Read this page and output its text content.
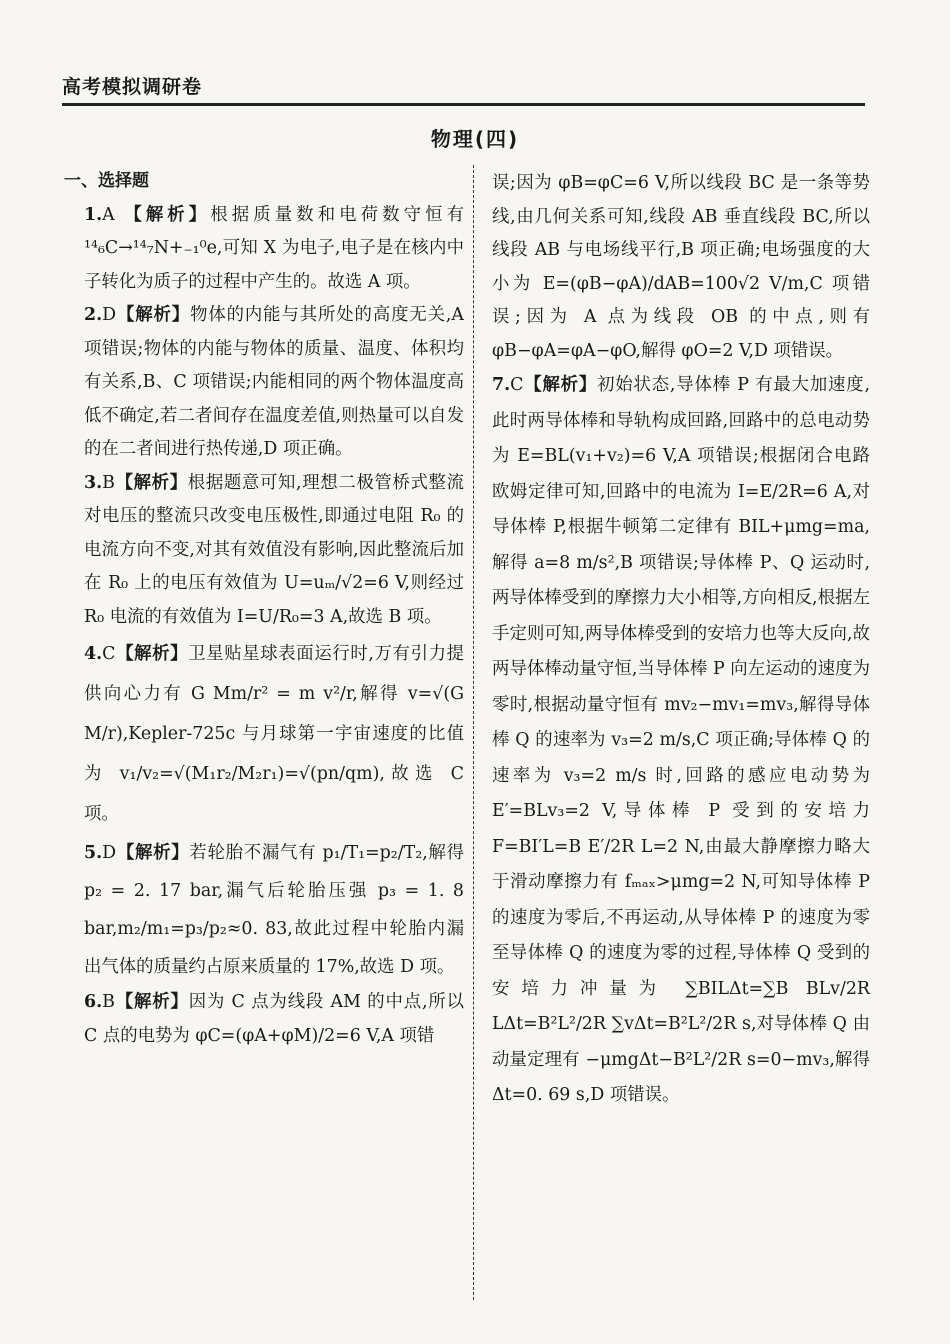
高考模拟调研卷
物理(四)
一、选择题

1.A 【解析】根据质量数和电荷数守恒有 ¹⁴₆C→¹⁴₇N+₋₁⁰e,可知 X 为电子,电子是在核内中子转化为质子的过程中产生的。故选 A 项。

2.D【解析】物体的内能与其所处的高度无关,A 项错误;物体的内能与物体的质量、温度、体积均有关系,B、C 项错误;内能相同的两个物体温度高低不确定,若二者间存在温度差值,则热量可以自发的在二者间进行热传递,D 项正确。

3.B【解析】根据题意可知,理想二极管桥式整流对电压的整流只改变电压极性,即通过电阻 R₀ 的电流方向不变,对其有效值没有影响,因此整流后加在 R₀ 上的电压有效值为 U=uₘ/√2=6 V,则经过 R₀ 电流的有效值为 I=U/R₀=3 A,故选 B 项。

4.C【解析】卫星贴星球表面运行时,万有引力提供向心力有 G Mm/r² = m v²/r,解得 v=√(G M/r),Kepler-725c 与月球第一宇宙速度的比值为 v₁/v₂=√(M₁r₂/M₂r₁)=√(pn/qm),故选 C 项。

5.D【解析】若轮胎不漏气有 p₁/T₁=p₂/T₂,解得 p₂ = 2. 17 bar,漏气后轮胎压强 p₃ = 1. 8 bar,m₂/m₁=p₃/p₂≈0. 83,故此过程中轮胎内漏出气体的质量约占原来质量的 17%,故选 D 项。

6.B【解析】因为 C 点为线段 AM 的中点,所以 C 点的电势为 φC=(φA+φM)/2=6 V,A 项错

误;因为 φB=φC=6 V,所以线段 BC 是一条等势线,由几何关系可知,线段 AB 垂直线段 BC,所以线段 AB 与电场线平行,B 项正确;电场强度的大小为 E=(φB−φA)/dAB=100√2 V/m,C 项错误;因为 A 点为线段 OB 的中点,则有 φB−φA=φA−φO,解得 φO=2 V,D 项错误。

7.C【解析】初始状态,导体棒 P 有最大加速度,此时两导体棒和导轨构成回路,回路中的总电动势为 E=BL(v₁+v₂)=6 V,A 项错误;根据闭合电路欧姆定律可知,回路中的电流为 I=E/2R=6 A,对导体棒 P,根据牛顿第二定律有 BIL+μmg=ma,解得 a=8 m/s²,B 项错误;导体棒 P、Q 运动时,两导体棒受到的摩擦力大小相等,方向相反,根据左手定则可知,两导体棒受到的安培力也等大反向,故两导体棒动量守恒,当导体棒 P 向左运动的速度为零时,根据动量守恒有 mv₂−mv₁=mv₃,解得导体棒 Q 的速率为 v₃=2 m/s,C 项正确;导体棒 Q 的速率为 v₃=2 m/s 时,回路的感应电动势为 E′=BLv₃=2 V,导体棒 P 受到的安培力 F=BI′L=B E′/2R L=2 N,由最大静摩擦力略大于滑动摩擦力有 fₘₐₓ>μmg=2 N,可知导体棒 P 的速度为零后,不再运动,从导体棒 P 的速度为零至导体棒 Q 的速度为零的过程,导体棒 Q 受到的安培力冲量为 ∑BILΔt=∑B BLv/2R LΔt=B²L²/2R ∑vΔt=B²L²/2R s,对导体棒 Q 由动量定理有 −μmgΔt−B²L²/2R s=0−mv₃,解得 Δt=0. 69 s,D 项错误。
